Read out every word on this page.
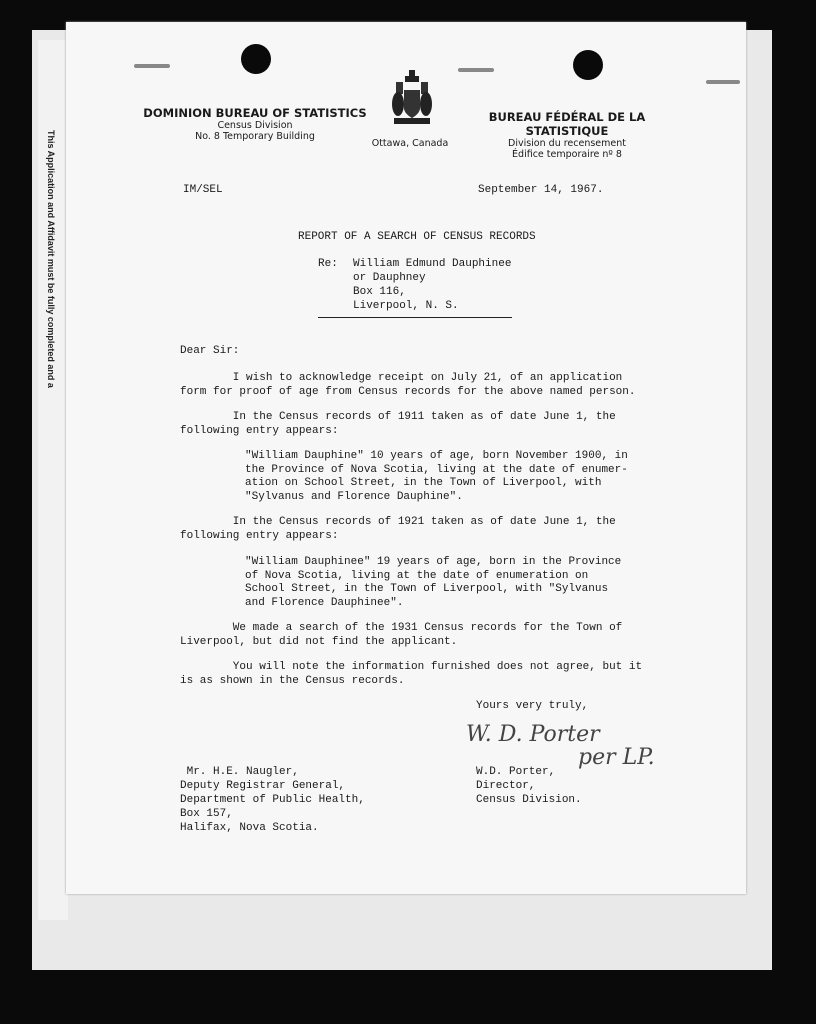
This Application and Affidavit must be fully completed and a
DOMINION BUREAU OF STATISTICS
Census Division
No. 8 Temporary Building
Ottawa, Canada
BUREAU FÉDÉRAL DE LA STATISTIQUE
Division du recensement
Édifice temporaire nº 8
IM/SEL	September 14, 1967.
REPORT OF A SEARCH OF CENSUS RECORDS
Re: William Edmund Dauphinee
or Dauphney
Box 116,
Liverpool, N. S.
Dear Sir:
I wish to acknowledge receipt on July 21, of an application
form for proof of age from Census records for the above named person.
In the Census records of 1911 taken as of date June 1, the
following entry appears:
"William Dauphine" 10 years of age, born November 1900, in
the Province of Nova Scotia, living at the date of enumer-
ation on School Street, in the Town of Liverpool, with
"Sylvanus and Florence Dauphine".
In the Census records of 1921 taken as of date June 1, the
following entry appears:
"William Dauphinee" 19 years of age, born in the Province
of Nova Scotia, living at the date of enumeration on
School Street, in the Town of Liverpool, with "Sylvanus
and Florence Dauphinee".
We made a search of the 1931 Census records for the Town of
Liverpool, but did not find the applicant.
You will note the information furnished does not agree, but it
is as shown in the Census records.
Yours very truly,
W. D. Porter
per LP.
W.D. Porter,
Director,
Census Division.
Mr. H.E. Naugler,
Deputy Registrar General,
Department of Public Health,
Box 157,
Halifax, Nova Scotia.
